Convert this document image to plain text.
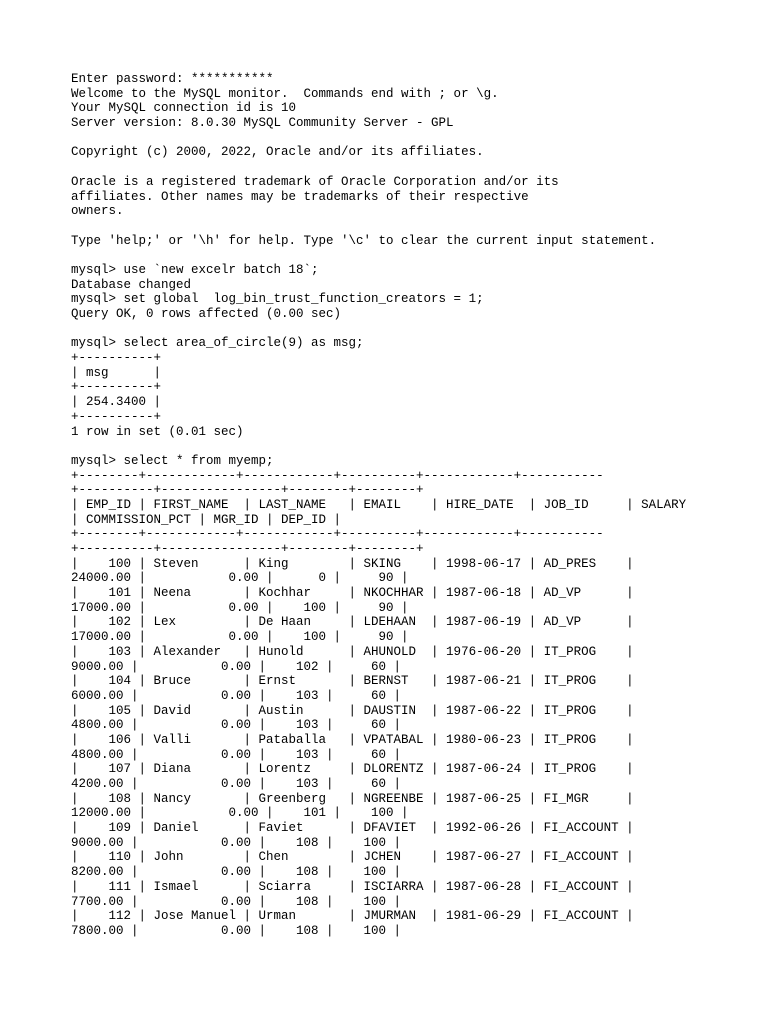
Enter password: ***********
Welcome to the MySQL monitor.  Commands end with ; or \g.
Your MySQL connection id is 10
Server version: 8.0.30 MySQL Community Server - GPL
Copyright (c) 2000, 2022, Oracle and/or its affiliates.
Oracle is a registered trademark of Oracle Corporation and/or its
affiliates. Other names may be trademarks of their respective
owners.
Type 'help;' or '\h' for help. Type '\c' to clear the current input statement.
mysql> use `new excelr batch 18`;
Database changed
mysql> set global  log_bin_trust_function_creators = 1;
Query OK, 0 rows affected (0.00 sec)
mysql> select area_of_circle(9) as msg;
+----------+
| msg      |
+----------+
| 254.3400 |
+----------+
1 row in set (0.01 sec)
mysql> select * from myemp;
+--------+------------+------------+----------+------------+-----------
+----------+----------------+--------+--------+
| EMP_ID | FIRST_NAME  | LAST_NAME   | EMAIL    | HIRE_DATE  | JOB_ID     | SALARY
| COMMISSION_PCT | MGR_ID | DEP_ID |
+--------+------------+------------+----------+------------+-----------
+----------+----------------+--------+--------+
|    100 | Steven      | King        | SKING    | 1998-06-17 | AD_PRES    |
24000.00 |           0.00 |      0 |     90 |
|    101 | Neena       | Kochhar     | NKOCHHAR | 1987-06-18 | AD_VP      |
17000.00 |           0.00 |    100 |     90 |
|    102 | Lex         | De Haan     | LDEHAAN  | 1987-06-19 | AD_VP      |
17000.00 |           0.00 |    100 |     90 |
|    103 | Alexander   | Hunold      | AHUNOLD  | 1976-06-20 | IT_PROG    |
9000.00 |           0.00 |    102 |     60 |
|    104 | Bruce       | Ernst       | BERNST   | 1987-06-21 | IT_PROG    |
6000.00 |           0.00 |    103 |     60 |
|    105 | David       | Austin      | DAUSTIN  | 1987-06-22 | IT_PROG    |
4800.00 |           0.00 |    103 |     60 |
|    106 | Valli       | Pataballa   | VPATABAL | 1980-06-23 | IT_PROG    |
4800.00 |           0.00 |    103 |     60 |
|    107 | Diana       | Lorentz     | DLORENTZ | 1987-06-24 | IT_PROG    |
4200.00 |           0.00 |    103 |     60 |
|    108 | Nancy       | Greenberg   | NGREENBE | 1987-06-25 | FI_MGR     |
12000.00 |           0.00 |    101 |    100 |
|    109 | Daniel      | Faviet      | DFAVIET  | 1992-06-26 | FI_ACCOUNT |
9000.00 |           0.00 |    108 |    100 |
|    110 | John        | Chen        | JCHEN    | 1987-06-27 | FI_ACCOUNT |
8200.00 |           0.00 |    108 |    100 |
|    111 | Ismael      | Sciarra     | ISCIARRA | 1987-06-28 | FI_ACCOUNT |
7700.00 |           0.00 |    108 |    100 |
|    112 | Jose Manuel | Urman       | JMURMAN  | 1981-06-29 | FI_ACCOUNT |
7800.00 |           0.00 |    108 |    100 |
